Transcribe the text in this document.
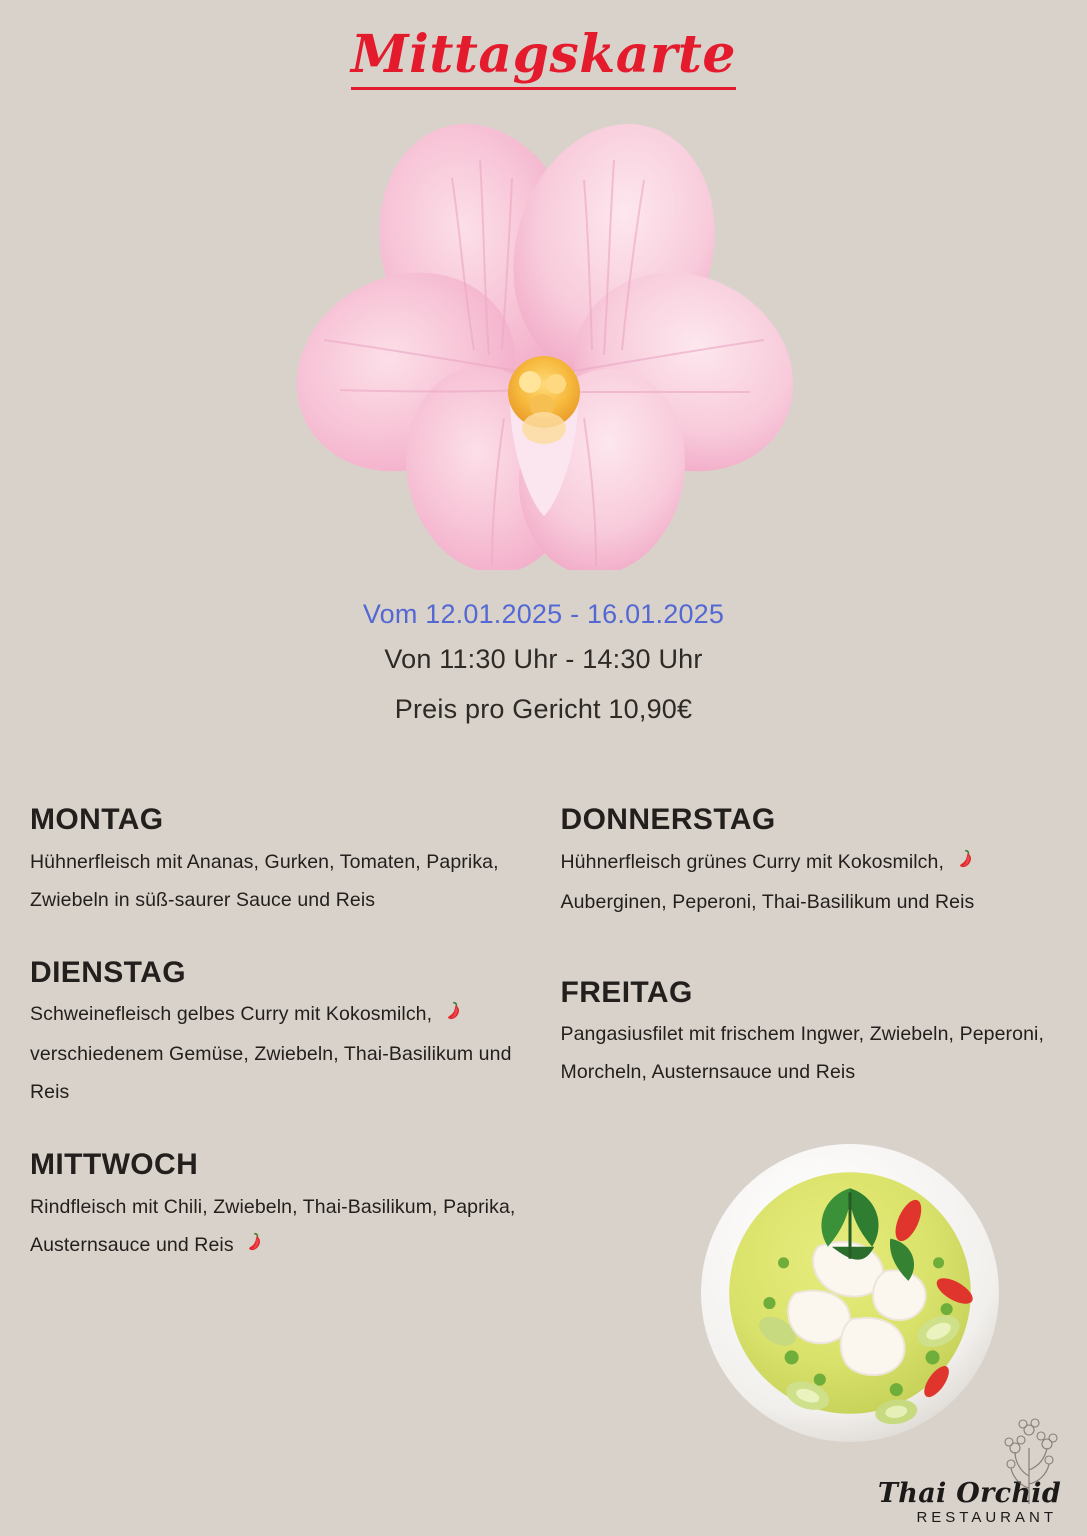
Mittagskarte
Vom 12.01.2025 - 16.01.2025
Von 11:30 Uhr - 14:30 Uhr
Preis pro Gericht 10,90€
MONTAG
Hühnerfleisch mit Ananas, Gurken, Tomaten, Paprika, Zwiebeln in süß-saurer Sauce und Reis
DIENSTAG
Schweinefleisch gelbes Curry mit Kokosmilch,  verschiedenem Gemüse, Zwiebeln, Thai-Basilikum und Reis
MITTWOCH
Rindfleisch mit Chili, Zwiebeln, Thai-Basilikum, Paprika, Austernsauce und Reis
DONNERSTAG
Hühnerfleisch grünes Curry mit Kokosmilch,  Auberginen, Peperoni, Thai-Basilikum und Reis
FREITAG
Pangasiusfilet mit frischem Ingwer, Zwiebeln, Peperoni, Morcheln, Austernsauce und Reis
Thai Orchid
RESTAURANT
